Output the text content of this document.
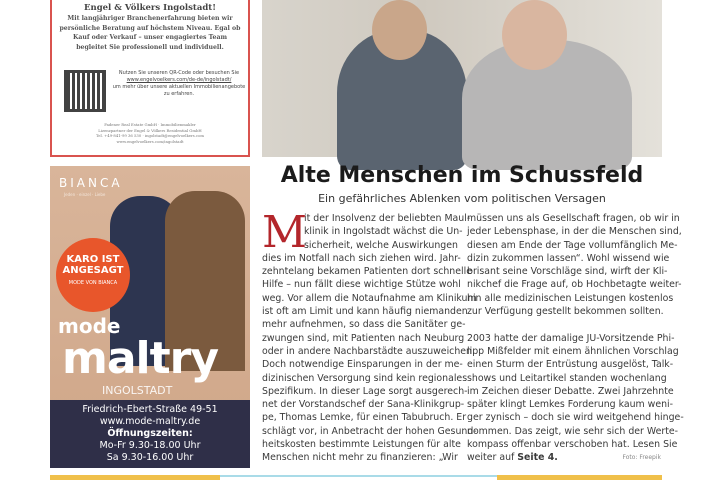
Engel & Völkers Ingolstadt!
Mit langjähriger Branchenerfahrung bieten wir persönliche Beratung auf höchstem Niveau. Egal ob Kauf oder Verkauf – unser engagiertes Team begleitet Sie professionell und individuell.
Nutzen Sie unseren QR-Code oder besuchen Sie
www.engelvoelkers.com/de-de/ingolstadt/
um mehr über unsere aktuellen Immobilienangebote zu erfahren.
Fadener Real Estate GmbH · Immobilienmakler
Lizenzpartner der Engel & Völkers Residential GmbH
Tel. +49-841-99 36 530 · ingolstadt@engelvoelkers.com
www.engelvoelkers.com/ingolstadt
BIANCA
Jeden · einzel · Liebe
KARO IST ANGESAGT
MODE VON BIANCA
mode
maltry
INGOLSTADT
Friedrich-Ebert-Straße 49-51
www.mode-maltry.de
Öffnungszeiten:
Mo-Fr 9.30-18.00 Uhr
Sa 9.30-16.00 Uhr
Alte Menschen im Schussfeld
Ein gefährliches Ablenken vom politischen Versagen
M
it der Insolvenz der beliebten Maul-
klinik in Ingolstadt wächst die Un-
sicherheit, welche Auswirkungen
dies im Notfall nach sich ziehen wird. Jahr-
zehntelang bekamen Patienten dort schnelle
Hilfe – nun fällt diese wichtige Stütze wohl
weg. Vor allem die Notaufnahme am Klinikum
ist oft am Limit und kann häufig niemanden
mehr aufnehmen, so dass die Sanitäter ge-
zwungen sind, mit Patienten nach Neuburg
oder in andere Nachbarstädte auszuweichen.
Doch notwendige Einsparungen in der me-
dizinischen Versorgung sind kein regionales
Spezifikum. In dieser Lage sorgt ausgerech-
net der Vorstandschef der Sana-Klinikgrup-
pe, Thomas Lemke, für einen Tabubruch. Er
schlägt vor, in Anbetracht der hohen Gesund-
heitskosten bestimmte Leistungen für alte
Menschen nicht mehr zu finanzieren: „Wir
müssen uns als Gesellschaft fragen, ob wir in
jeder Lebensphase, in der die Menschen sind,
diesen am Ende der Tage vollumfänglich Me-
dizin zukommen lassen“. Wohl wissend wie
brisant seine Vorschläge sind, wirft der Kli-
nikchef die Frage auf, ob Hochbetagte weiter-
hin alle medizinischen Leistungen kostenlos
zur Verfügung gestellt bekommen sollten.
2003 hatte der damalige JU-Vorsitzende Phi-
lipp Mißfelder mit einem ähnlichen Vorschlag
einen Sturm der Entrüstung ausgelöst, Talk-
shows und Leitartikel standen wochenlang
im Zeichen dieser Debatte. Zwei Jahrzehnte
später klingt Lemkes Forderung kaum weni-
ger zynisch – doch sie wird weitgehend hinge-
nommen. Das zeigt, wie sehr sich der Werte-
kompass offenbar verschoben hat. Lesen Sie
weiter auf Seite 4.	Foto: Freepik
